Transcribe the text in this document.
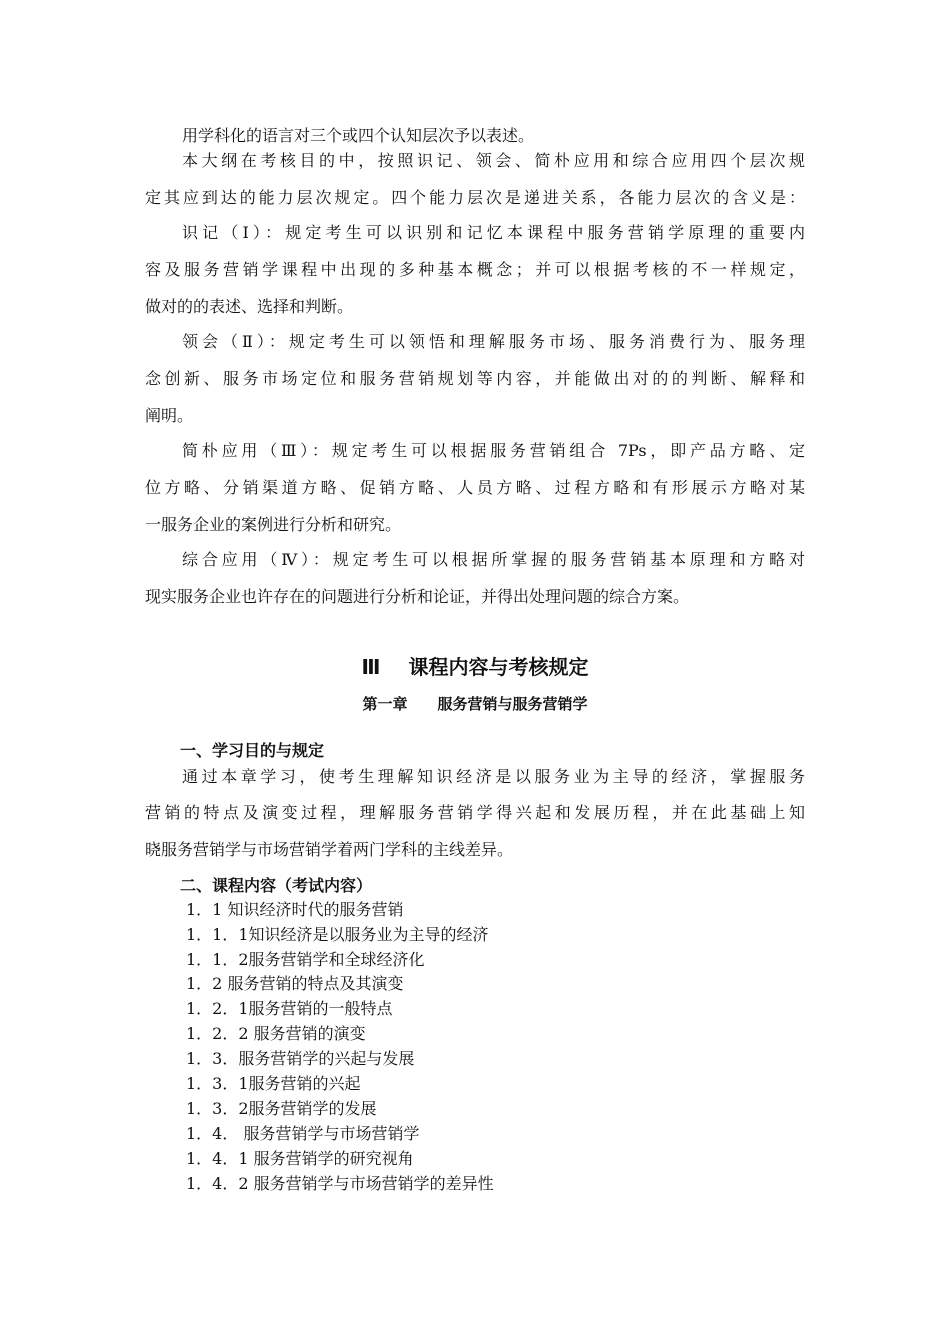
用学科化的语言对三个或四个认知层次予以表述。
本大纲在考核目的中，按照识记、领会、简朴应用和综合应用四个层次规
定其应到达的能力层次规定。四个能力层次是递进关系，各能力层次的含义是：
识记（Ⅰ）：规定考生可以识别和记忆本课程中服务营销学原理的重要内
容及服务营销学课程中出现的多种基本概念；并可以根据考核的不一样规定，
做对的的表述、选择和判断。
领会（Ⅱ）：规定考生可以领悟和理解服务市场、服务消费行为、服务理
念创新、服务市场定位和服务营销规划等内容，并能做出对的的判断、解释和
阐明。
简朴应用（Ⅲ）：规定考生可以根据服务营销组合 7Ps，即产品方略、定
位方略、分销渠道方略、促销方略、人员方略、过程方略和有形展示方略对某
一服务企业的案例进行分析和研究。
综合应用（Ⅳ）：规定考生可以根据所掌握的服务营销基本原理和方略对
现实服务企业也许存在的问题进行分析和论证，并得出处理问题的综合方案。
Ⅲ 课程内容与考核规定
第一章 服务营销与服务营销学
一、学习目的与规定
通过本章学习，使考生理解知识经济是以服务业为主导的经济，掌握服务
营销的特点及演变过程，理解服务营销学得兴起和发展历程，并在此基础上知
晓服务营销学与市场营销学着两门学科的主线差异。
二、课程内容（考试内容）
1．1 知识经济时代的服务营销
1．1．1知识经济是以服务业为主导的经济
1．1．2服务营销学和全球经济化
1．2 服务营销的特点及其演变
1．2．1服务营销的一般特点
1．2．2 服务营销的演变
1．3．服务营销学的兴起与发展
1．3．1服务营销的兴起
1．3．2服务营销学的发展
1．4． 服务营销学与市场营销学
1．4．1 服务营销学的研究视角
1．4．2 服务营销学与市场营销学的差异性
